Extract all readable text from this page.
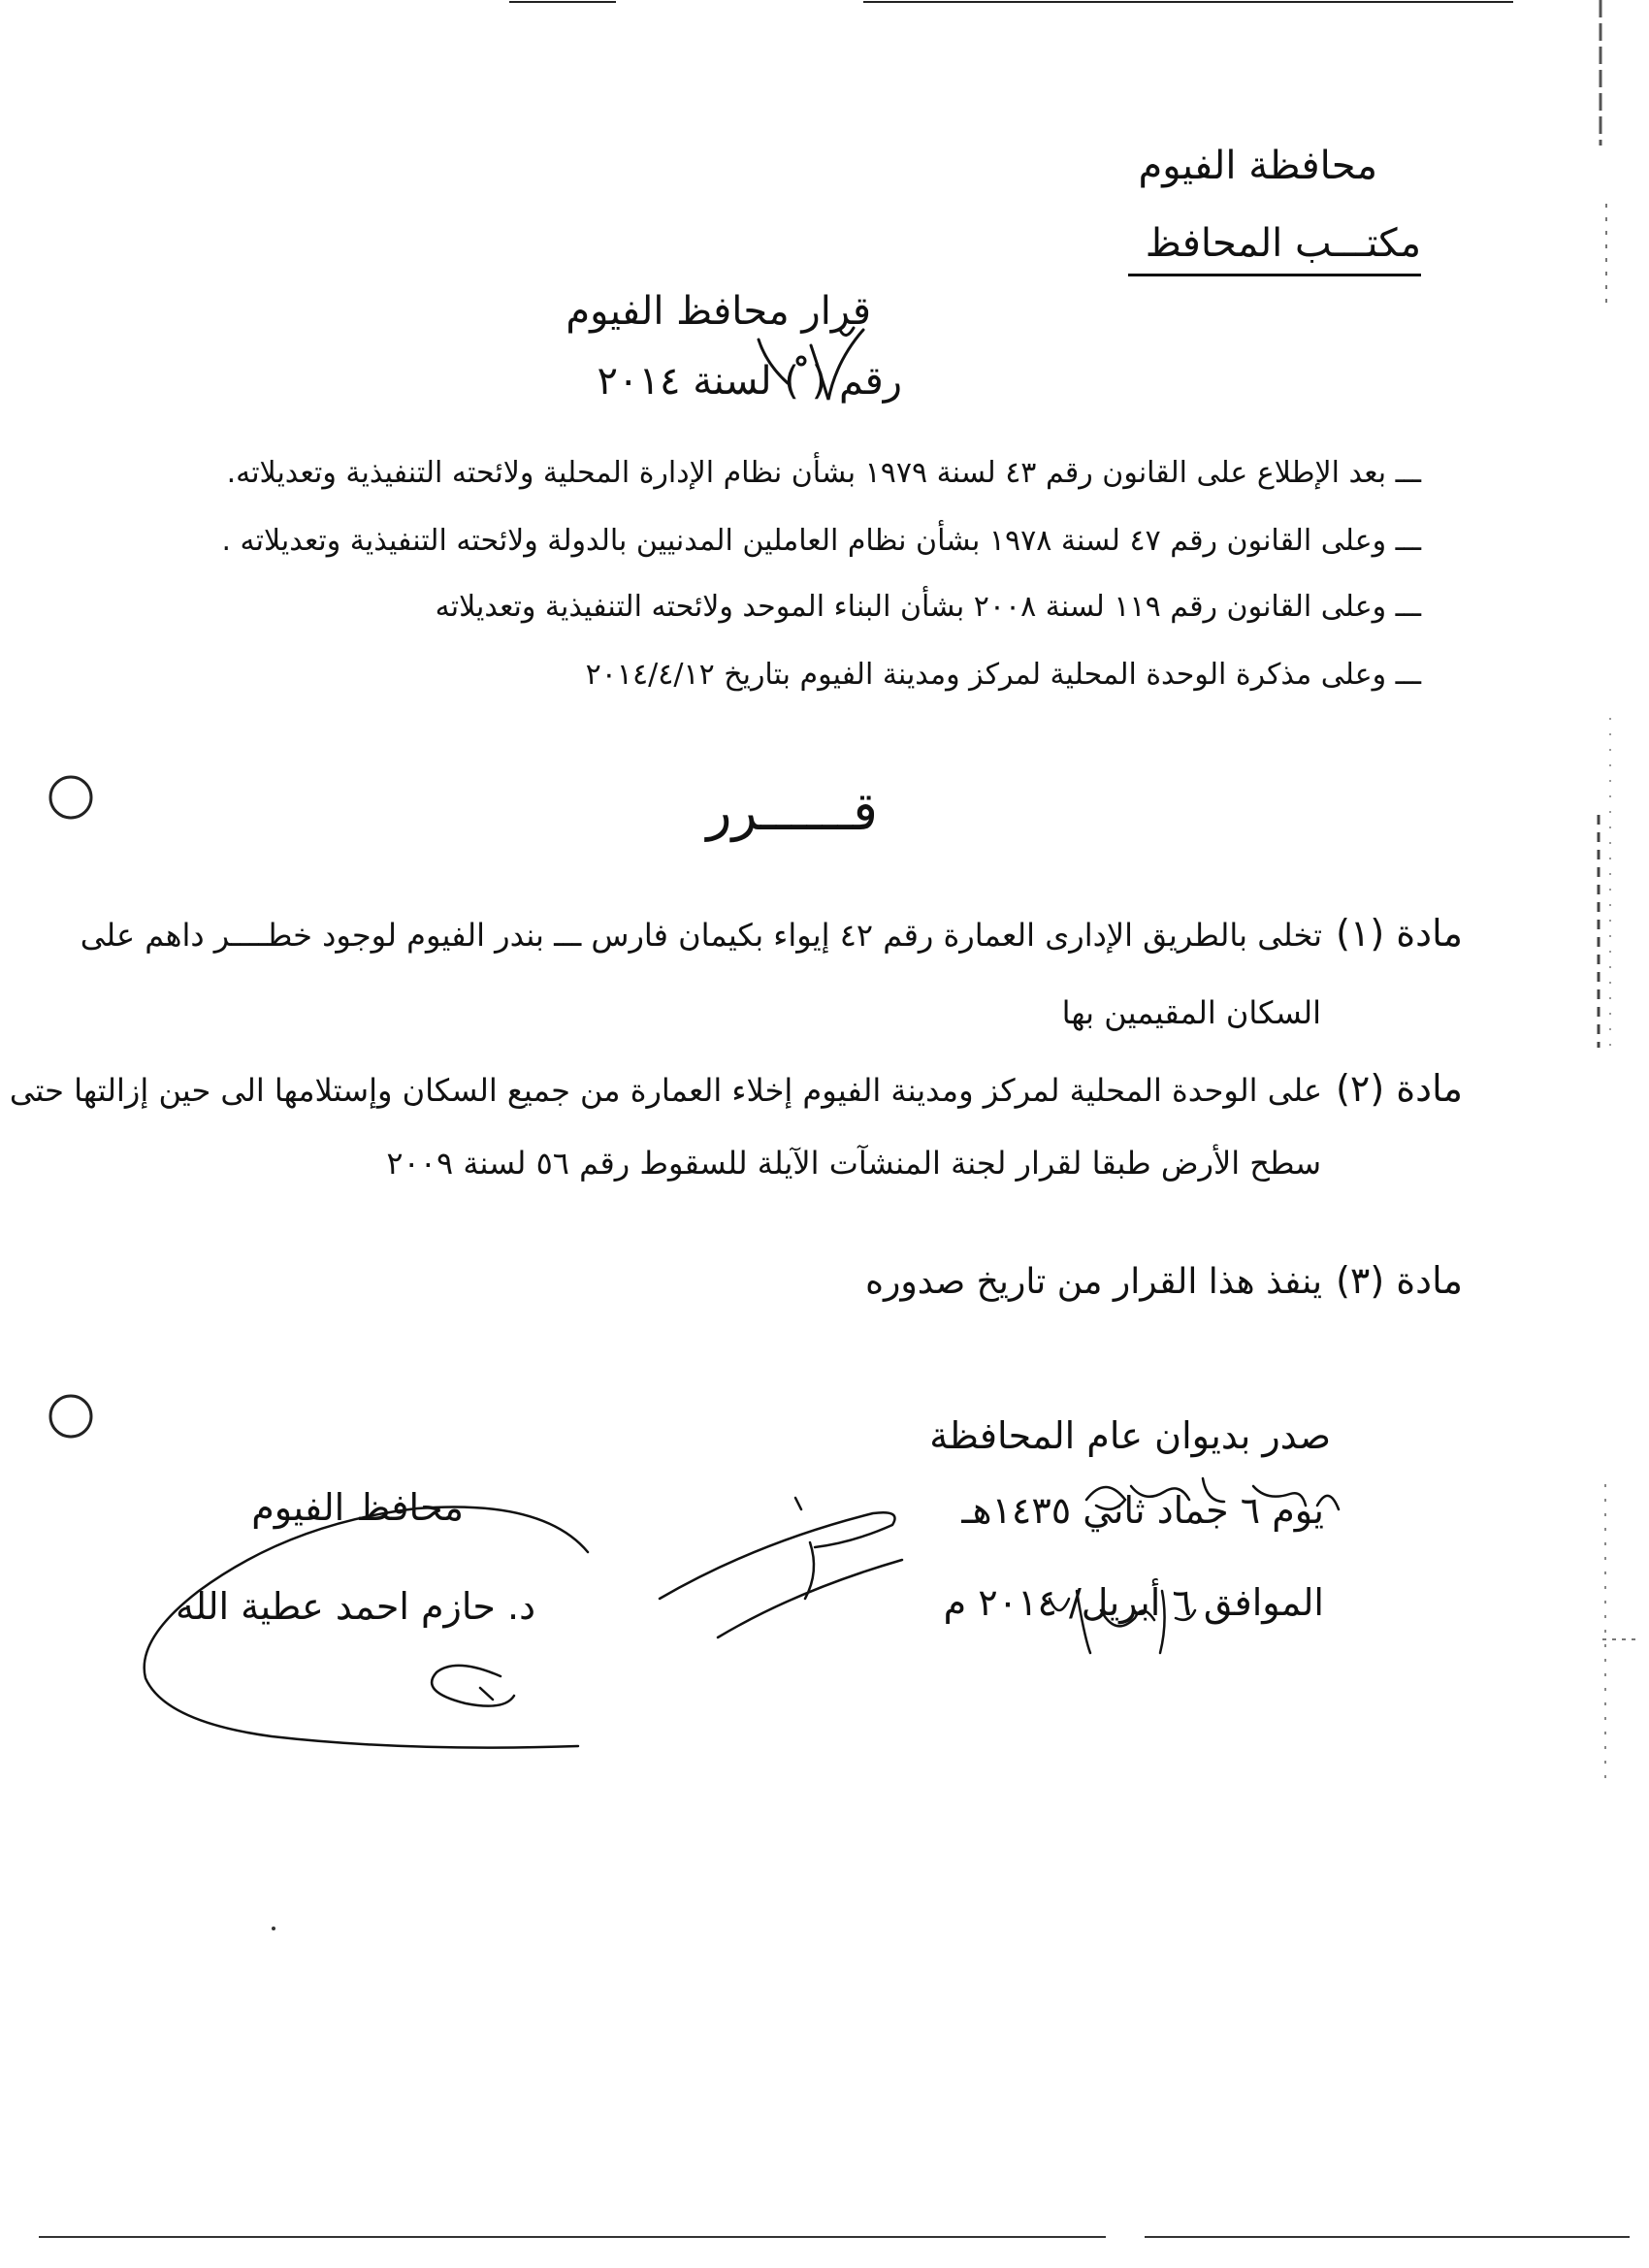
محافظة الفيوم
مكتـــب المحافظ
قرار محافظ الفيوم
رقم ( ) لسنة ٢٠١٤
ـــ بعد الإطلاع على القانون رقم ٤٣ لسنة ١٩٧٩ بشأن نظام الإدارة المحلية ولائحته التنفيذية وتعديلاته.
ـــ وعلى القانون رقم ٤٧ لسنة ١٩٧٨ بشأن نظام العاملين المدنيين بالدولة ولائحته التنفيذية وتعديلاته .
ـــ وعلى القانون رقم ١١٩ لسنة ٢٠٠٨ بشأن البناء الموحد ولائحته التنفيذية وتعديلاته
ـــ وعلى مذكرة الوحدة المحلية لمركز ومدينة الفيوم بتاريخ ٢٠١٤/٤/١٢
قــــــرر
مادة (١)تخلى بالطريق الإدارى العمارة رقم ٤٢ إيواء بكيمان فارس ـــ بندر الفيوم لوجود خطــــر داهم على
السكان المقيمين بها
مادة (٢)على الوحدة المحلية لمركز ومدينة الفيوم إخلاء العمارة من جميع السكان وإستلامها الى حين إزالتها حتى
سطح الأرض طبقا لقرار لجنة المنشآت الآيلة للسقوط رقم ٥٦ لسنة ٢٠٠٩
مادة (٣)ينفذ هذا القرار من تاريخ صدوره
صدر بديوان عام المحافظة
يوم ٦ جماد ثاني ١٤٣٥هـ
الموافق ٦ أبريل/ ٢٠١٤ م
محافظ الفيوم
د. حازم احمد عطية الله
